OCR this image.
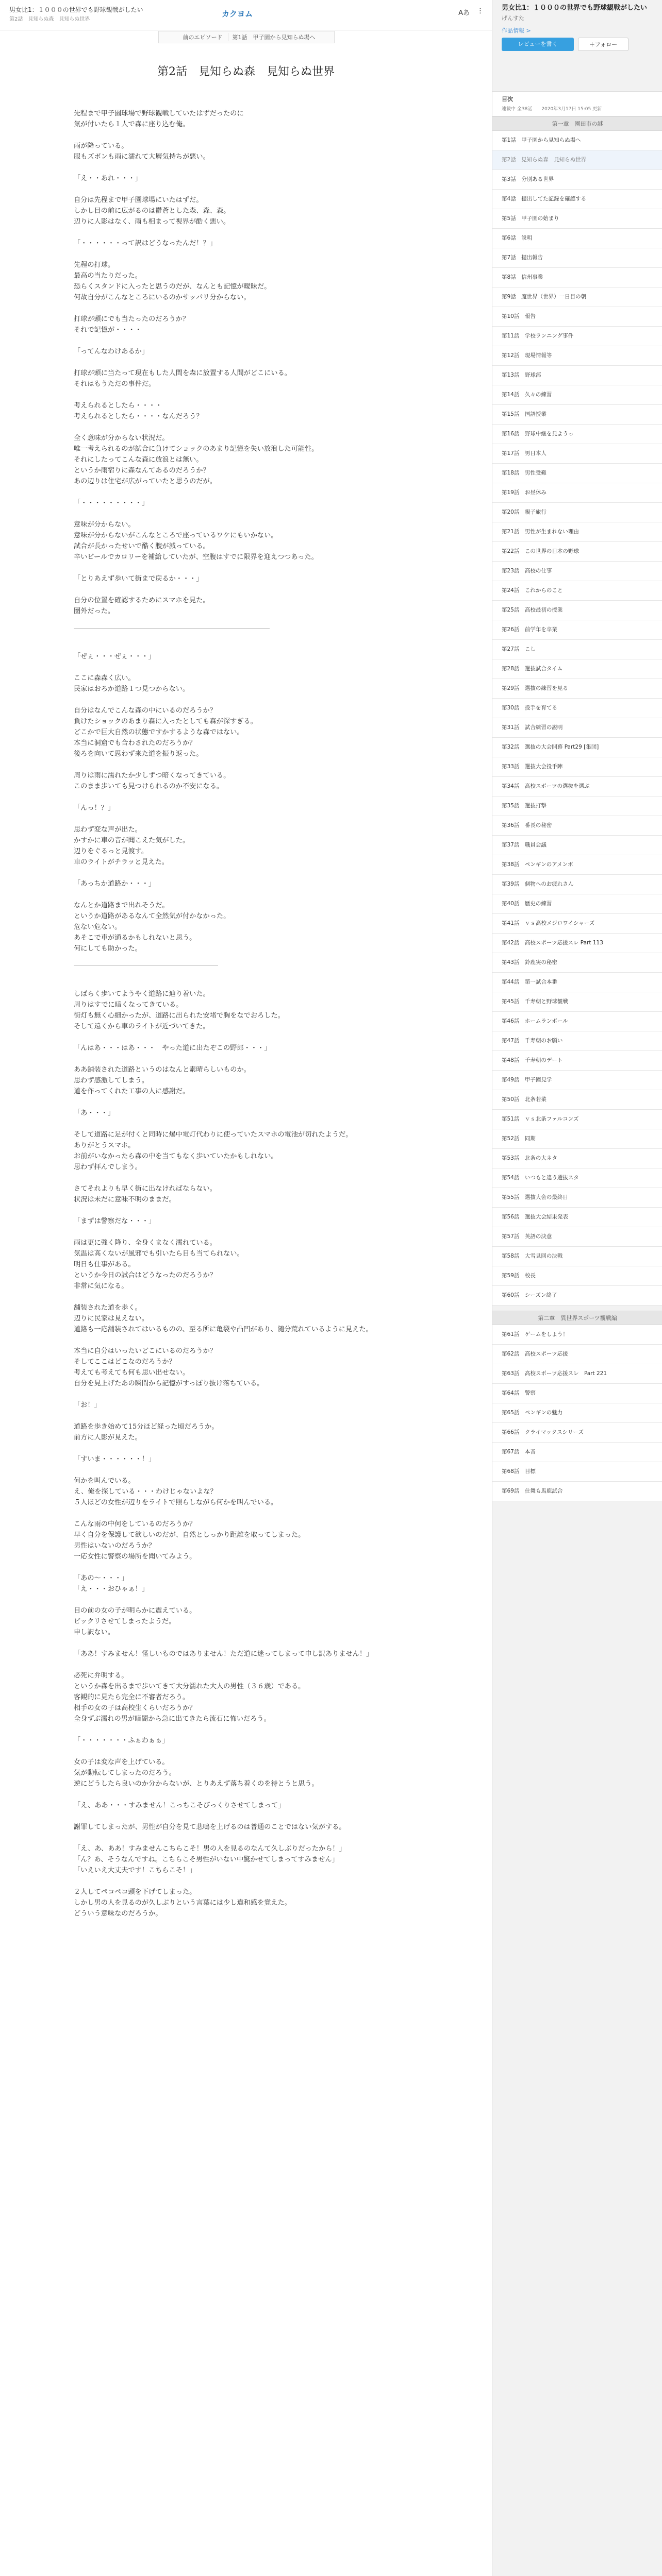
男女比1：１０００の世界でも野球観戦がしたい
第2話　見知らぬ森　見知らぬ世界
カクヨム	Aあ ⋮
前のエピソード	第1話　甲子園から見知らぬ場へ
第2話　見知らぬ森　見知らぬ世界

先程まで甲子園球場で野球観戦していたはずだったのに
気が付いたら１人で森に座り込む俺。

雨が降っている。
服もズボンも雨に濡れて大層気持ちが悪い。

「え・・あれ・・・」

自分は先程まで甲子園球場にいたはずだ。
しかし目の前に広がるのは鬱蒼とした森、森、森。
辺りに人影はなく、雨も相まって視界が酷く悪い。

「・・・・・・って訳はどうなったんだ！？」

先程の打球。
最高の当たりだった。
恐らくスタンドに入ったと思うのだが、なんとも記憶が曖昧だ。
何故自分がこんなところにいるのかサッパリ分からない。

打球が頭にでも当たったのだろうか？
それで記憶が・・・・

「ってんなわけあるか」

打球が頭に当たって現在もした人間を森に放置する人間がどこにいる。
それはもうただの事件だ。

考えられるとしたら・・・・
考えられるとしたら・・・・なんだろう？

全く意味が分からない状況だ。
唯一考えられるのが試合に負けてショックのあまり記憶を失い放浪した可能性。
それにしたってこんな森に放浪とは無い。
というか雨宿りに森なんてあるのだろうか？
あの辺りは住宅が広がっていたと思うのだが。

「・・・・・・・・・」

意味が分からない。
意味が分からないがこんなところで座っているワケにもいかない。
試合が長かったせいで酷く腹が減っている。
辛いビールでカロリーを補給していたが、空腹はすでに限界を迎えつつあった。

「とりあえず歩いて街まで戻るか・・・」

自分の位置を確認するためにスマホを見た。
圏外だった。

「ぜぇ・・・ぜぇ・・・」

ここに森森く広い。
民家はおろか道路１つ見つからない。

自分はなんでこんな森の中にいるのだろうか？
負けたショックのあまり森に入ったとしても森が深すぎる。
どこかで巨大自然の状態ですかするような森ではない。
本当に洞窟でも合わされたのだろうか？
後ろを向いて思わず来た道を振り返った。

周りは雨に濡れたか少しずつ暗くなってきている。
このまま歩いても見つけられるのか不安になる。

「んっ！？」

思わず変な声が出た。
かすかに車の音が聞こえた気がした。
辺りをぐるっと見渡す。
車のライトがチラッと見えた。

「あっちか道路か・・・」

なんとか道路まで出れそうだ。
というか道路があるなんて全然気が付かなかった。
危ない危ない。
あそこで車が通るかもしれないと思う。
何にしても助かった。

しばらく歩いてようやく道路に辿り着いた。
周りはすでに暗くなってきている。
街灯も無く心細かったが、道路に出られた安堵で胸をなでおろした。
そして遠くから車のライトが近づいてきた。

「んはあ・・・はあ・・・　やった道に出たぞこの野郎・・・」

ああ舗装された道路というのはなんと素晴らしいものか。
思わず感激してしまう。
道を作ってくれた工事の人に感謝だ。

「あ・・・」

そして道路に足が付くと同時に爆中電灯代わりに使っていたスマホの電池が切れたようだ。
ありがとうスマホ。
お前がいなかったら森の中を当てもなく歩いていたかもしれない。
思わず拝んでしまう。

さてそれよりも早く街に出なければならない。
状況は未だに意味不明のままだ。

「まずは警察だな・・・」

雨は更に強く降り、全身くまなく濡れている。
気温は高くないが風邪でも引いたら目も当てられない。
明日も仕事がある。
というか今日の試合はどうなったのだろうか？
非常に気になる。

舗装された道を歩く。
辺りに民家は見えない。
道路も一応舗装されてはいるものの、至る所に亀裂や凸凹があり、随分荒れているように見えた。

本当に自分はいったいどこにいるのだろうか？
そしてここはどこなのだろうか？
考えても考えても何も思い出せない。
自分を見上げたあの瞬間から記憶がすっぽり抜け落ちている。

「お！」

道路を歩き始めて15分ほど経った頃だろうか。
前方に人影が見えた。

「すいま・・・・・・！」

何かを叫んでいる。
え、俺を探している・・・わけじゃないよな？
５人ほどの女性が辺りをライトで照らしながら何かを叫んでいる。

こんな雨の中何をしているのだろうか？
早く自分を保護して欲しいのだが、自然としっかり距離を取ってしまった。
男性はいないのだろうか？
一応女性に警察の場所を聞いてみよう。

「あの〜・・・」
「え・・・おひゃぁ！」

目の前の女の子が明らかに震えている。
ビックリさせてしまったようだ。
申し訳ない。

「ああ！すみません！怪しいものではありません！ただ道に迷ってしまって申し訳ありません！」

必死に弁明する。
というか森を出るまで歩いてきて大分濡れた大人の男性（３６歳）である。
客観的に見たら完全に不審者だろう。
相手の女の子は高校生くらいだろうか？
全身ずぶ濡れの男が暗闇から急に出てきたら流石に怖いだろう。

「・・・・・・・ふぁわぁぁ」

女の子は変な声を上げている。
気が動転してしまったのだろう。
逆にどうしたら良いのか分からないが、とりあえず落ち着くのを待とうと思う。

「え、ああ・・・すみません！こっちこそびっくりさせてしまって」

謝罪してしまったが、男性が自分を見て悲鳴を上げるのは普通のことではない気がする。

「え、あ、ああ！すみませんこちらこそ！男の人を見るのなんて久しぶりだったから！」
「ん？あ、そうなんですね。こちらこそ男性がいない中驚かせてしまってすみません」
「いえいえ大丈夫です！こちらこそ！」

２人してペコペコ頭を下げてしまった。
しかし男の人を見るのが久しぶりという言葉には少し違和感を覚えた。
どういう意味なのだろうか。

男女比1：１０００の世界でも野球観戦がしたい
げんすた
作品情報 >
レビューを書く	＋フォロー
目次
連載中 全38話　　2020年3月17日 15:05 更新
第一章　園田市の謎
第1話　甲子園から見知らぬ場へ
第2話　見知らぬ森　見知らぬ世界
第3話　分別ある世界
第4話　提出してた記録を確認する
第5話　甲子園の始まり
第6話　説明
第7話　提出報告
第8話　信州事業
第9話　魔世界（世界）一日目の朝
第10話　報告
第11話　学校ランニング事件
第12話　現場情報等
第13話　野球部
第14話　久々の練習
第15話　国語授業
第16話　野球中継を見ようっ
第17話　男日本人
第18話　男性受難
第19話　お昼休み
第20話　親子旅行
第21話　男性が生まれない理由
第22話　この世界の日本の野球
第23話　高校の仕事
第24話　これからのこと
第25話　高校最初の授業
第26話　前学年を卒業
第27話　こし
第28話　選抜試合タイム
第29話　選抜の練習を見る
第30話　投手を育てる
第31話　試合練習の説明
第32話　選抜の大会開幕 Part29 [集団]
第33話　選抜大会投手陣
第34話　高校スポーツの選抜を選ぶ
第35話　選抜打撃
第36話　番長の秘密
第37話　職員会議
第38話　ペンギンのアメンボ
第39話　個物へのお疲れさん
第40話　歴史の練習
第41話　ｖｓ高校メジロワイシャーズ
第42話　高校スポーツ応援スレ Part 113
第43話　鈴鹿実の秘密
第44話　第一試合本番
第45話　千寿朝と野球観戦
第46話　ホームランボール
第47話　千寿朝のお願い
第48話　千寿朝のデート
第49話　甲子園見学
第50話　北条若菜
第51話　ｖｓ北条ファルコンズ
第52話　同期
第53話　北条の大ネタ
第54話　いつもと違う選抜スタ
第55話　選抜大会の最終日
第56話　選抜大会結果発表
第57話　英語の決意
第58話　大雪見回の決戦
第59話　校長
第60話　シーズン終了
第二章　異世界スポーツ観戦編
第61話　ゲームをしよう！
第62話　高校スポーツ応援
第63話　高校スポーツ応援スレ　Part 221
第64話　警察
第65話　ペンギンの魅力
第66話　クライマックスシリーズ
第67話　本音
第68話　目標
第69話　仕舞も馬鹿試合
